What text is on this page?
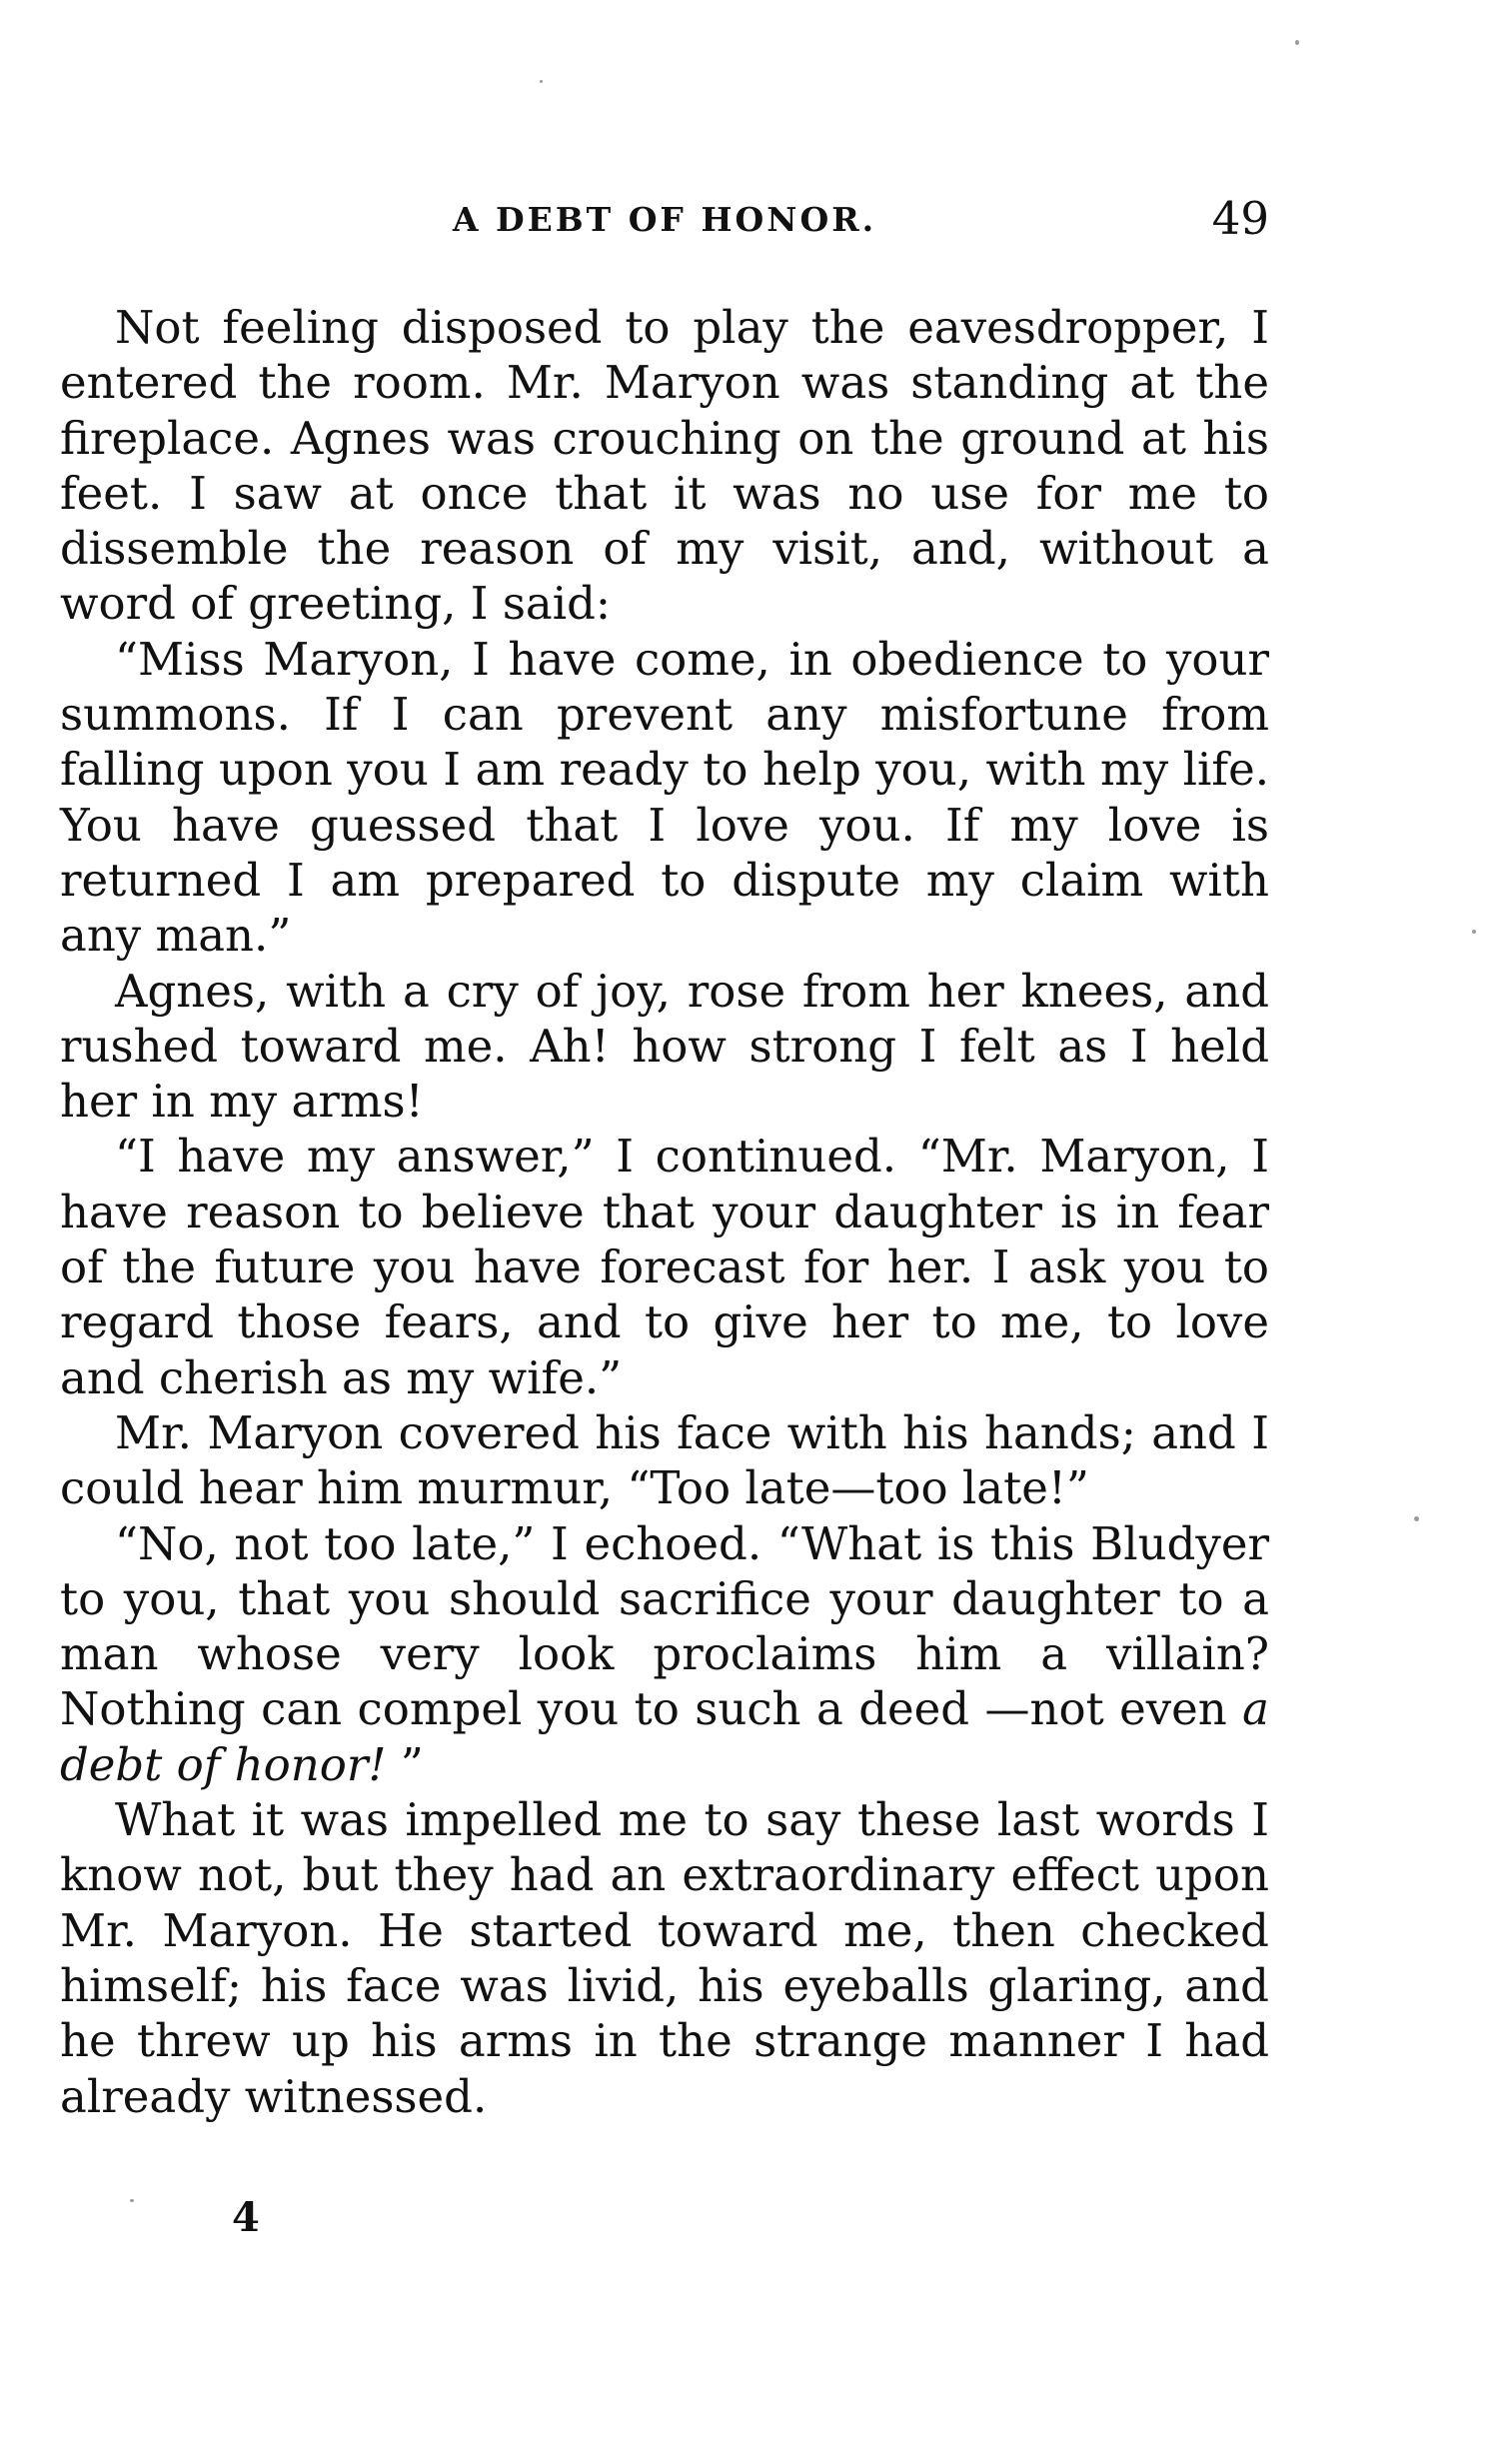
A DEBT OF HONOR.	49

Not feeling disposed to play the eavesdropper, I entered the room. Mr. Maryon was standing at the fireplace. Agnes was crouching on the ground at his feet. I saw at once that it was no use for me to dissemble the reason of my visit, and, without a word of greeting, I said:

“Miss Maryon, I have come, in obedience to your summons. If I can prevent any misfortune from falling upon you I am ready to help you, with my life. You have guessed that I love you. If my love is returned I am prepared to dispute my claim with any man.”

Agnes, with a cry of joy, rose from her knees, and rushed toward me. Ah! how strong I felt as I held her in my arms!

“I have my answer,” I continued. “Mr. Maryon, I have reason to believe that your daughter is in fear of the future you have forecast for her. I ask you to regard those fears, and to give her to me, to love and cherish as my wife.”

Mr. Maryon covered his face with his hands; and I could hear him murmur, “Too late—too late!”

“No, not too late,” I echoed. “What is this Bludyer to you, that you should sacrifice your daughter to a man whose very look proclaims him a villain? Nothing can compel you to such a deed —not even a debt of honor! ”

What it was impelled me to say these last words I know not, but they had an extraordinary effect upon Mr. Maryon. He started toward me, then checked himself; his face was livid, his eyeballs glaring, and he threw up his arms in the strange manner I had already witnessed.

4
